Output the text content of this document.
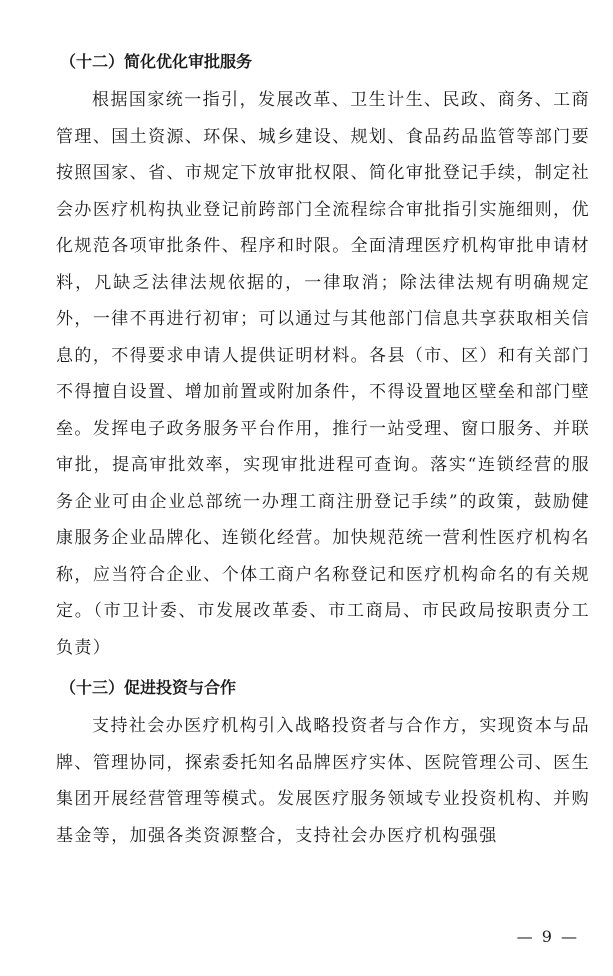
（十二）简化优化审批服务

根据国家统一指引，发展改革、卫生计生、民政、商务、工商管理、国土资源、环保、城乡建设、规划、食品药品监管等部门要按照国家、省、市规定下放审批权限、简化审批登记手续，制定社会办医疗机构执业登记前跨部门全流程综合审批指引实施细则，优化规范各项审批条件、程序和时限。全面清理医疗机构审批申请材料，凡缺乏法律法规依据的，一律取消；除法律法规有明确规定外，一律不再进行初审；可以通过与其他部门信息共享获取相关信息的，不得要求申请人提供证明材料。各县（市、区）和有关部门不得擅自设置、增加前置或附加条件，不得设置地区壁垒和部门壁垒。发挥电子政务服务平台作用，推行一站受理、窗口服务、并联审批，提高审批效率，实现审批进程可查询。落实“连锁经营的服务企业可由企业总部统一办理工商注册登记手续”的政策，鼓励健康服务企业品牌化、连锁化经营。加快规范统一营利性医疗机构名称，应当符合企业、个体工商户名称登记和医疗机构命名的有关规定。（市卫计委、市发展改革委、市工商局、市民政局按职责分工负责）

（十三）促进投资与合作

支持社会办医疗机构引入战略投资者与合作方，实现资本与品牌、管理协同，探索委托知名品牌医疗实体、医院管理公司、医生集团开展经营管理等模式。发展医疗服务领域专业投资机构、并购基金等，加强各类资源整合，支持社会办医疗机构强强

— 9 —
